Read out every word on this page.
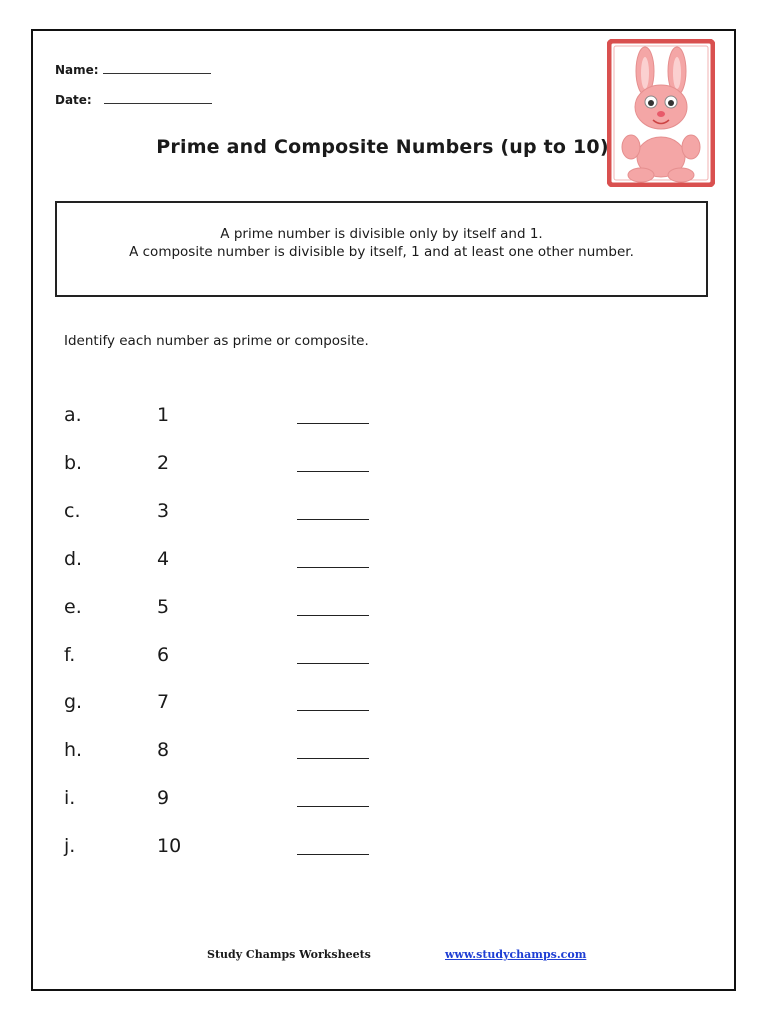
Name:
Date:
Prime and Composite Numbers (up to 10)
A prime number is divisible only by itself and 1.
A composite number is divisible by itself, 1 and at least one other number.
Identify each number as prime or composite.
a.	1
b.	2
c.	3
d.	4
e.	5
f.	6
g.	7
h.	8
i.	9
j.	10
Study Champs Worksheets	www.studychamps.com
